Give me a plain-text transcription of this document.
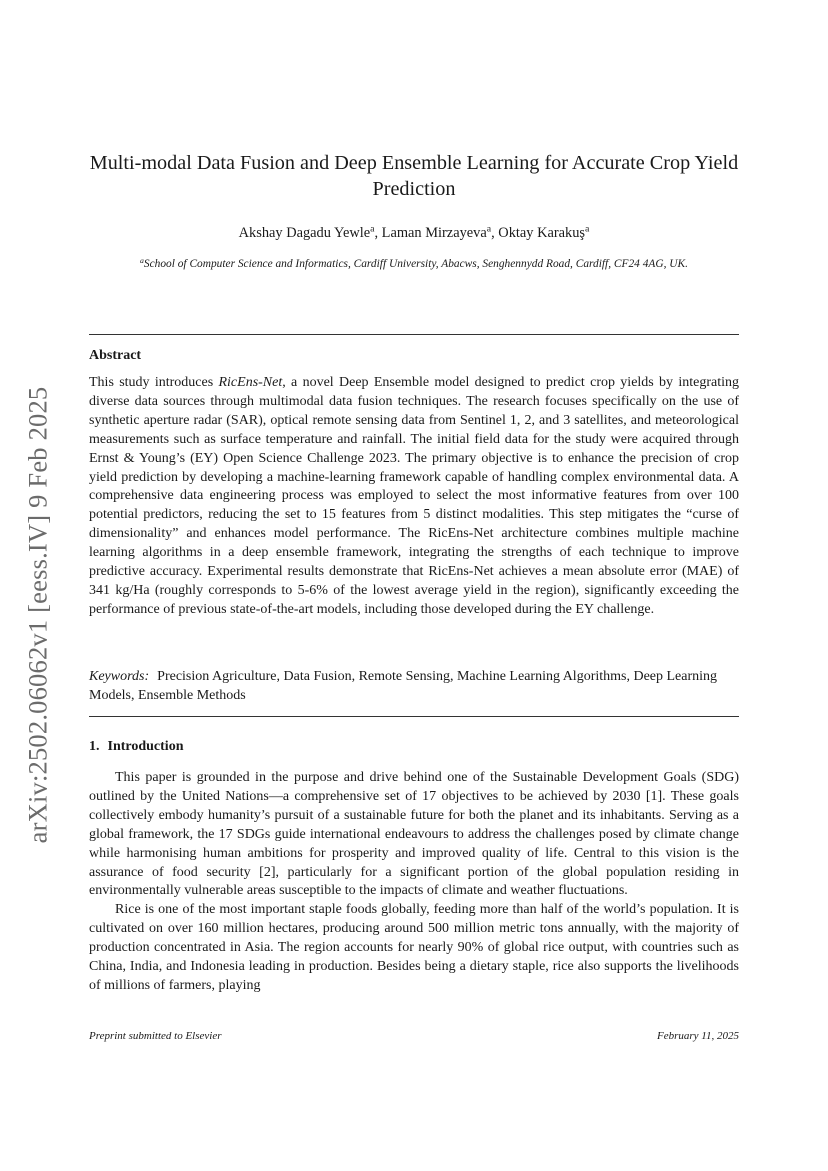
arXiv:2502.06062v1 [eess.IV] 9 Feb 2025
Multi-modal Data Fusion and Deep Ensemble Learning for Accurate Crop Yield Prediction
Akshay Dagadu Yewle$^a$, Laman Mirzayeva$^a$, Oktay Karakuş$^a$
$^a$School of Computer Science and Informatics, Cardiff University, Abacws, Senghennydd Road, Cardiff, CF24 4AG, UK.
Abstract
This study introduces RicEns-Net, a novel Deep Ensemble model designed to predict crop yields by integrating diverse data sources through multimodal data fusion techniques. The research focuses specifically on the use of synthetic aperture radar (SAR), optical remote sensing data from Sentinel 1, 2, and 3 satellites, and meteorological measurements such as surface temperature and rainfall. The initial field data for the study were acquired through Ernst & Young’s (EY) Open Science Challenge 2023. The primary objective is to enhance the precision of crop yield prediction by developing a machine-learning framework capable of handling complex environmental data. A comprehensive data engineering process was employed to select the most informative features from over 100 potential predictors, reducing the set to 15 features from 5 distinct modalities. This step mitigates the “curse of dimensionality” and enhances model performance. The RicEns-Net architecture combines multiple machine learning algorithms in a deep ensemble framework, integrating the strengths of each technique to improve predictive accuracy. Experimental results demonstrate that RicEns-Net achieves a mean absolute error (MAE) of 341 kg/Ha (roughly corresponds to 5-6% of the lowest average yield in the region), significantly exceeding the performance of previous state-of-the-art models, including those developed during the EY challenge.
Keywords: Precision Agriculture, Data Fusion, Remote Sensing, Machine Learning Algorithms, Deep Learning Models, Ensemble Methods
1. Introduction

This paper is grounded in the purpose and drive behind one of the Sustainable Development Goals (SDG) outlined by the United Nations—a comprehensive set of 17 objectives to be achieved by 2030 [1]. These goals collectively embody humanity’s pursuit of a sustainable future for both the planet and its inhabitants. Serving as a global framework, the 17 SDGs guide international endeavours to address the challenges posed by climate change while harmonising human ambitions for prosperity and improved quality of life. Central to this vision is the assurance of food security [2], particularly for a significant portion of the global population residing in environmentally vulnerable areas susceptible to the impacts of climate and weather fluctuations.

Rice is one of the most important staple foods globally, feeding more than half of the world’s population. It is cultivated on over 160 million hectares, producing around 500 million metric tons annually, with the majority of production concentrated in Asia. The region accounts for nearly 90% of global rice output, with countries such as China, India, and Indonesia leading in production. Besides being a dietary staple, rice also supports the livelihoods of millions of farmers, playing

Preprint submitted to Elsevier	February 11, 2025
